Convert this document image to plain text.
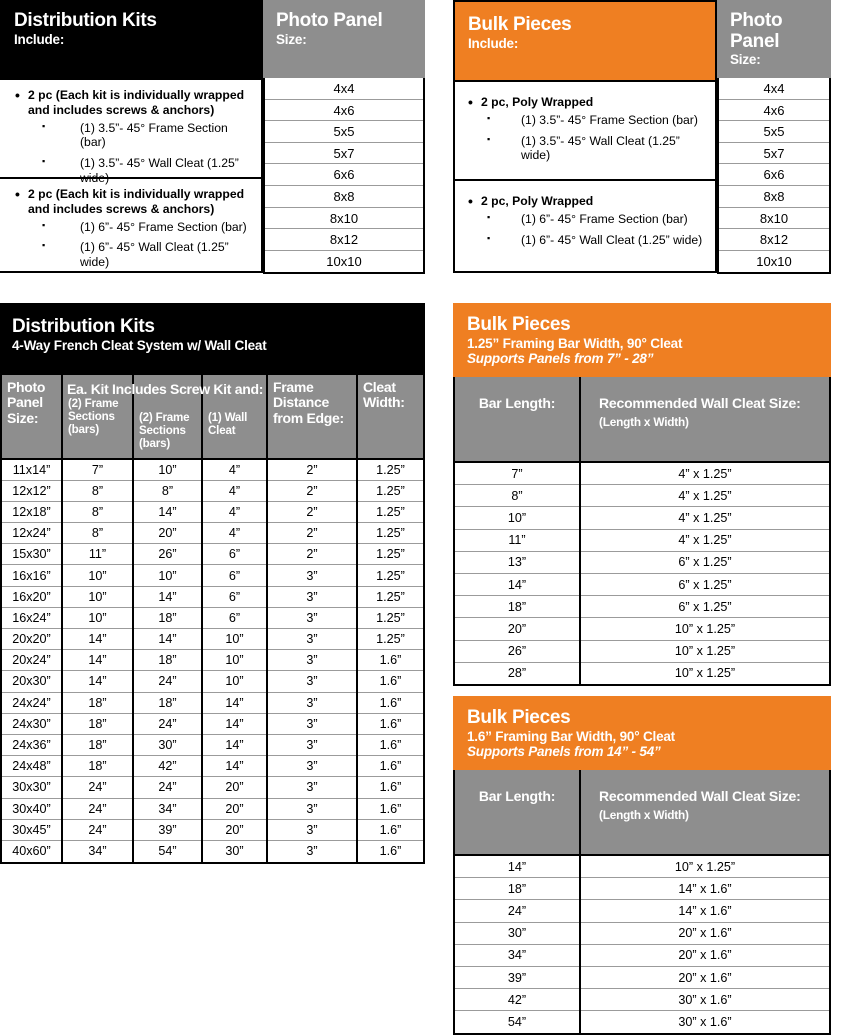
Distribution Kits
Include:
• 2 pc (Each kit is individually wrapped and includes screws & anchors)
▪ (1) 3.5”- 45° Frame Section (bar)
▪ (1) 3.5”- 45° Wall Cleat (1.25” wide)
• 2 pc (Each kit is individually wrapped and includes screws & anchors)
▪ (1) 6”- 45° Frame Section (bar)
▪ (1) 6”- 45° Wall Cleat (1.25” wide)
Photo Panel
Size:
4x4
4x6
5x5
5x7
6x6
8x8
8x10
8x12
10x10
Bulk Pieces
Include:
• 2 pc, Poly Wrapped
▪ (1) 3.5”- 45° Frame Section (bar)
▪ (1) 3.5”- 45° Wall Cleat (1.25” wide)
• 2 pc, Poly Wrapped
▪ (1) 6”- 45° Frame Section (bar)
▪ (1) 6”- 45° Wall Cleat (1.25” wide)
Photo Panel
Size:
4x4
4x6
5x5
5x7
6x6
8x8
8x10
8x12
10x10
Distribution Kits
4-Way French Cleat System w/ Wall Cleat
Photo Panel Size:	(2) Frame Sections (bars)	(2) Frame Sections (bars)	(1) Wall Cleat	Frame Distance from Edge:	Cleat Width:

11x14”	7”	10”	4”	2”	1.25”
12x12”	8”	8”	4”	2”	1.25”
12x18”	8”	14”	4”	2”	1.25”
12x24”	8”	20”	4”	2”	1.25”
15x30”	11”	26”	6”	2”	1.25”
16x16”	10”	10”	6”	3”	1.25”
16x20”	10”	14”	6”	3”	1.25”
16x24”	10”	18”	6”	3”	1.25”
20x20”	14”	14”	10”	3”	1.25”
20x24”	14”	18”	10”	3”	1.6”
20x30”	14”	24”	10”	3”	1.6”
24x24”	18”	18”	14”	3”	1.6”
24x30”	18”	24”	14”	3”	1.6”
24x36”	18”	30”	14”	3”	1.6”
24x48”	18”	42”	14”	3”	1.6”
30x30”	24”	24”	20”	3”	1.6”
30x40”	24”	34”	20”	3”	1.6”
30x45”	24”	39”	20”	3”	1.6”
40x60”	34”	54”	30”	3”	1.6”
Ea. Kit Includes Screw Kit and:
Bulk Pieces
1.25” Framing Bar Width, 90° Cleat
Supports Panels from 7” - 28”
Bar Length:	Recommended Wall Cleat Size:
(Length x Width)

7”	4” x 1.25”
8”	4” x 1.25”
10”	4” x 1.25”
11”	4” x 1.25”
13”	6” x 1.25”
14”	6” x 1.25”
18”	6” x 1.25”
20”	10” x 1.25”
26”	10” x 1.25”
28”	10” x 1.25”
Bulk Pieces
1.6” Framing Bar Width, 90° Cleat
Supports Panels from 14” - 54”
Bar Length:	Recommended Wall Cleat Size:
(Length x Width)

14”	10” x 1.25”
18”	14” x 1.6”
24”	14” x 1.6”
30”	20” x 1.6”
34”	20” x 1.6”
39”	20” x 1.6”
42”	30” x 1.6”
54”	30” x 1.6”
